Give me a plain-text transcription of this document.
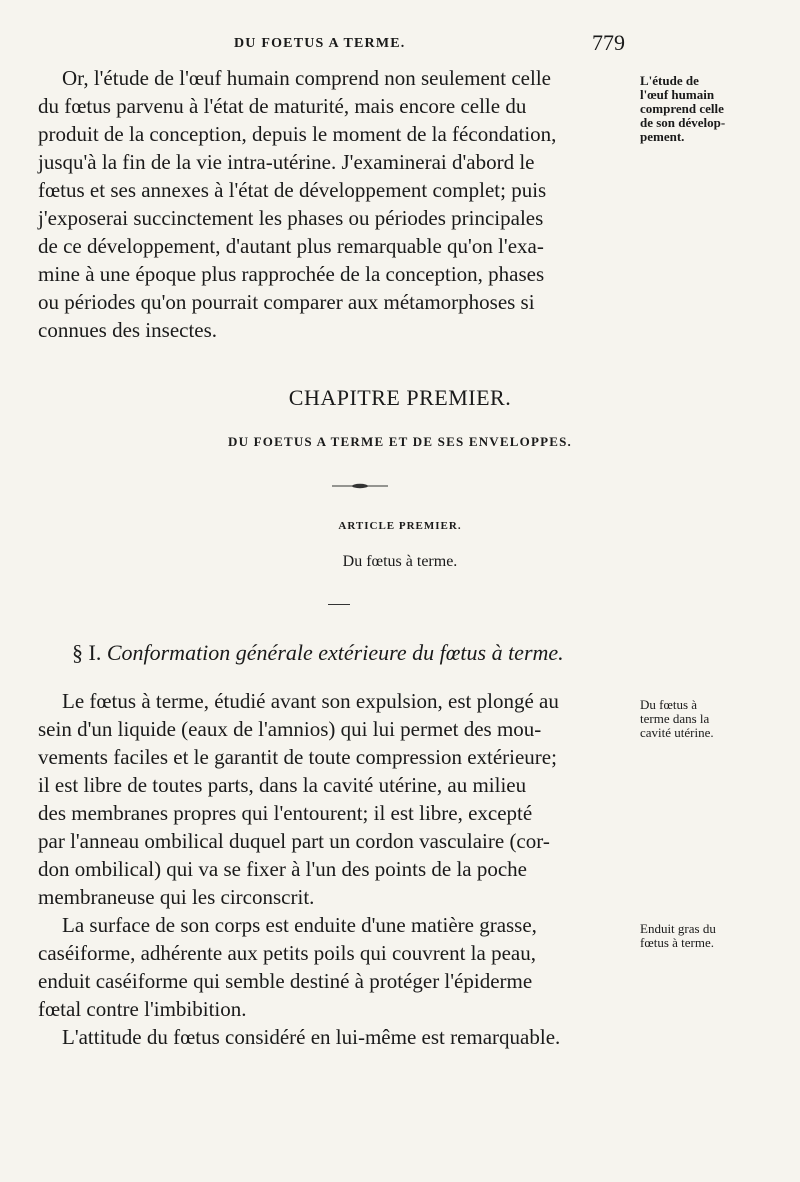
DU FOETUS A TERME.	779

Or, l'étude de l'œuf humain comprend non seulement celle
du fœtus parvenu à l'état de maturité, mais encore celle du
produit de la conception, depuis le moment de la fécondation,
jusqu'à la fin de la vie intra-utérine. J'examinerai d'abord le
fœtus et ses annexes à l'état de développement complet; puis
j'exposerai succinctement les phases ou périodes principales
de ce développement, d'autant plus remarquable qu'on l'exa-
mine à une époque plus rapprochée de la conception, phases
ou périodes qu'on pourrait comparer aux métamorphoses si
connues des insectes.

L'étude de
l'œuf humain
comprend celle
de son dévelop-
pement.
CHAPITRE PREMIER.
DU FOETUS A TERME ET DE SES ENVELOPPES.
ARTICLE PREMIER.
Du fœtus à terme.
§ I. Conformation générale extérieure du fœtus à terme.

Le fœtus à terme, étudié avant son expulsion, est plongé au
sein d'un liquide (eaux de l'amnios) qui lui permet des mou-
vements faciles et le garantit de toute compression extérieure;
il est libre de toutes parts, dans la cavité utérine, au milieu
des membranes propres qui l'entourent; il est libre, excepté
par l'anneau ombilical duquel part un cordon vasculaire (cor-
don ombilical) qui va se fixer à l'un des points de la poche
membraneuse qui les circonscrit.

Du fœtus à
terme dans la
cavité utérine.

La surface de son corps est enduite d'une matière grasse,
caséiforme, adhérente aux petits poils qui couvrent la peau,
enduit caséiforme qui semble destiné à protéger l'épiderme
fœtal contre l'imbibition.

Enduit gras du
fœtus à terme.

L'attitude du fœtus considéré en lui-même est remarquable.
